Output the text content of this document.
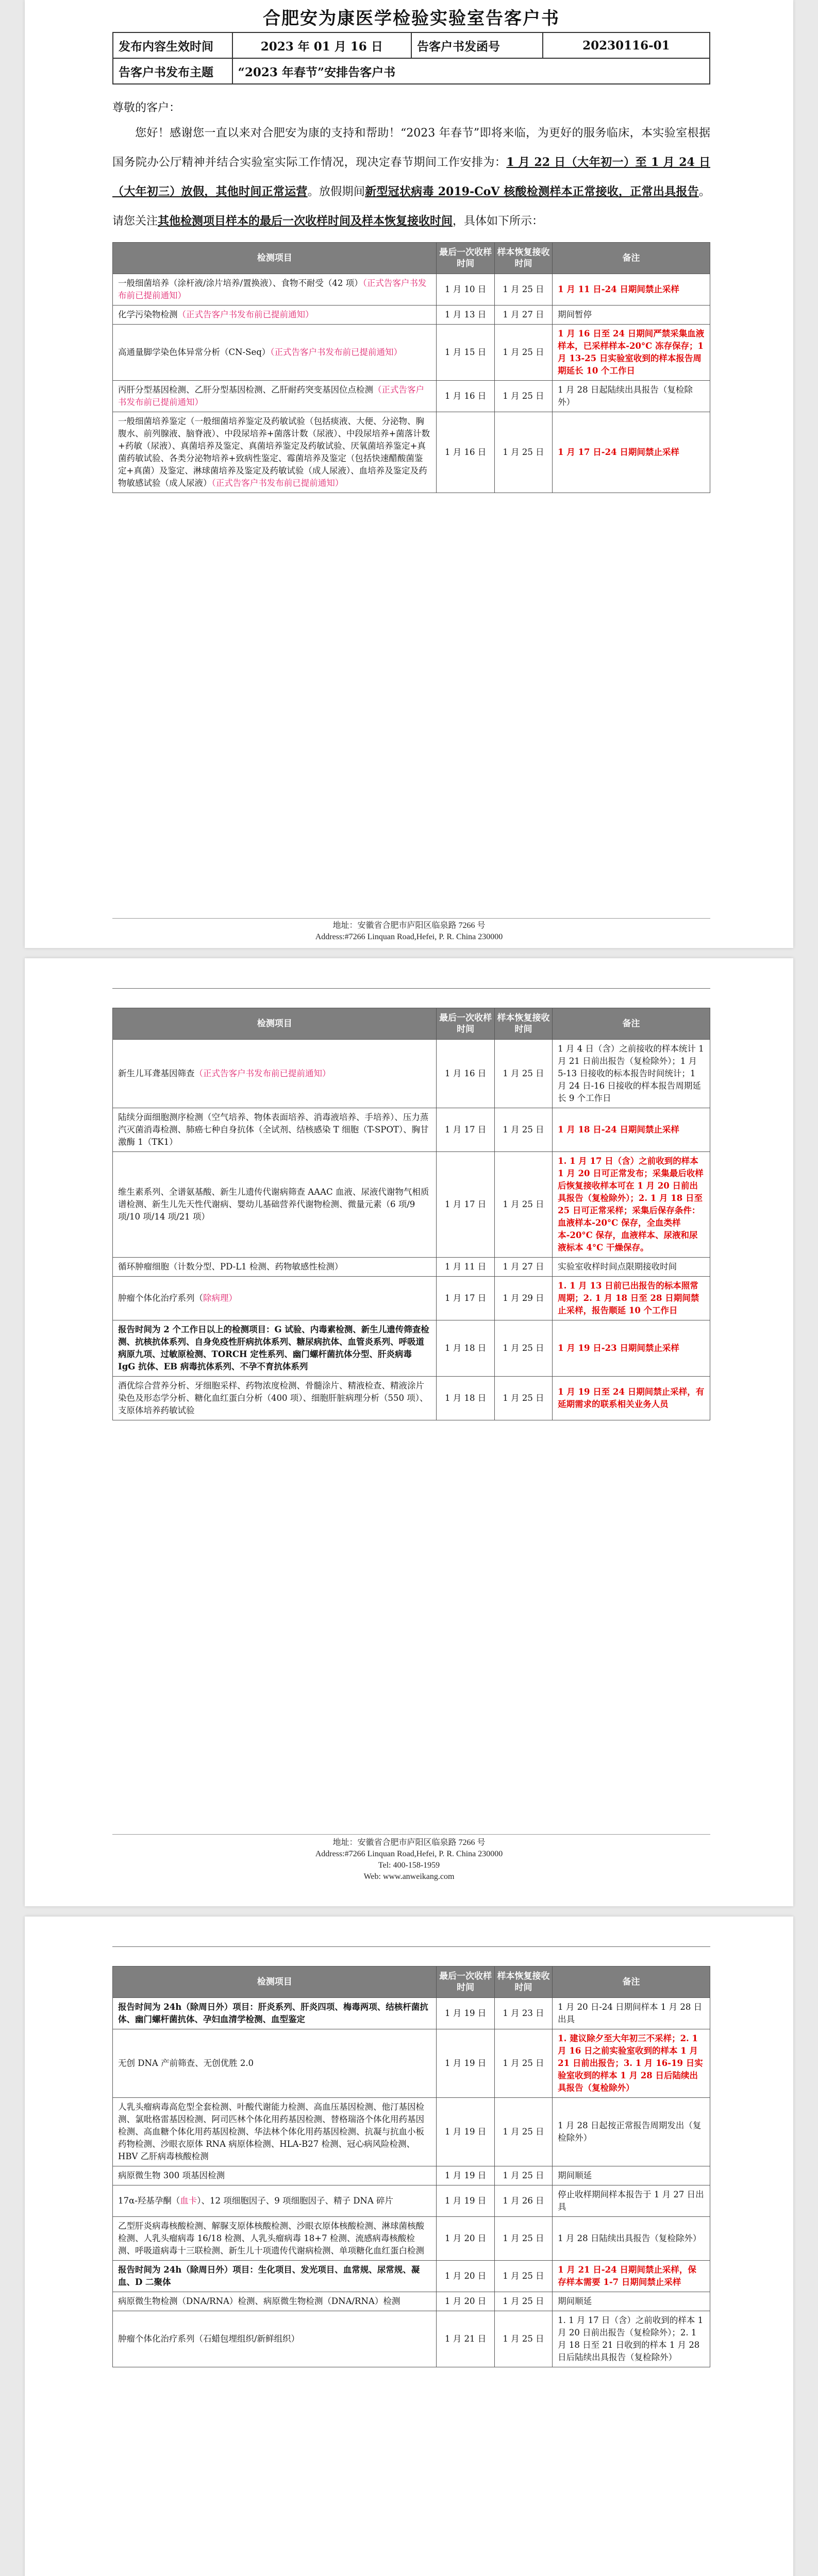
合肥安为康医学检验实验室告客户书
发布内容生效时间	2023 年 01 月 16 日	告客户书发函号	20230116-01
告客户书发布主题	“2023 年春节”安排告客户书		
尊敬的客户：
您好！感谢您一直以来对合肥安为康的支持和帮助！“2023 年春节”即将来临，为更好的服务临床，本实验室根据国务院办公厅精神并结合实验室实际工作情况，现决定春节期间工作安排为：1 月 22 日（大年初一）至 1 月 24 日（大年初三）放假，其他时间正常运营。放假期间新型冠状病毒 2019-CoV 核酸检测样本正常接收，正常出具报告。请您关注其他检测项目样本的最后一次收样时间及样本恢复接收时间，具体如下所示：
检测项目	最后一次收样时间	样本恢复接收时间	备注
一般细菌培养（涂杆液/涂片培养/置换液）、食物不耐受（42 项）（正式告客户书发布前已提前通知）	1 月 10 日	1 月 25 日	1 月 11 日-24 日期间禁止采样
化学污染物检测（正式告客户书发布前已提前通知）	1 月 13 日	1 月 27 日	期间暂停
高通量脚学染色体异常分析（CN-Seq）（正式告客户书发布前已提前通知）	1 月 15 日	1 月 25 日	1 月 16 日至 24 日期间严禁采集血液样本，已采样样本-20°C 冻存保存；1 月 13-25 日实验室收到的样本报告周期延长 10 个工作日
丙肝分型基因检测、乙肝分型基因检测、乙肝耐药突变基因位点检测（正式告客户书发布前已提前通知）	1 月 16 日	1 月 25 日	1 月 28 日起陆续出具报告（复检除外）
一般细菌培养鉴定（一般细菌培养鉴定及药敏试验（包括痰液、大便、分泌物、胸腹水、前列腺液、脑脊液）、中段尿培养+菌落计数（尿液）、中段尿培养+菌落计数+药敏（尿液）、真菌培养及鉴定、真菌培养鉴定及药敏试验、厌氧菌培养鉴定+真菌药敏试验、各类分泌物培养+致病性鉴定、霉菌培养及鉴定（包括快速醋酸菌鉴定+真菌）及鉴定、淋球菌培养及鉴定及药敏试验（成人尿液）、血培养及鉴定及药物敏感试验（成人尿液）（正式告客户书发布前已提前通知）	1 月 16 日	1 月 25 日	1 月 17 日-24 日期间禁止采样
地址：安徽省合肥市庐阳区临泉路 7266 号
Address:#7266 Linquan Road,Hefei, P. R. China 230000
检测项目	最后一次收样时间	样本恢复接收时间	备注
新生儿耳聋基因筛查（正式告客户书发布前已提前通知）	1 月 16 日	1 月 25 日	1 月 4 日（含）之前接收的样本统计 1 月 21 日前出报告（复检除外）；1 月 5-13 日接收的标本报告时间统计；1 月 24 日-16 日接收的样本报告周期延长 9 个工作日
陆续分面细胞测序检测（空气培养、物体表面培养、消毒液培养、手培养）、压力蒸汽灭菌消毒检测、肺癌七种自身抗体（全试剂、结核感染 T 细胞（T-SPOT）、胸甘激酶 1（TK1）	1 月 17 日	1 月 25 日	1 月 18 日-24 日期间禁止采样
维生素系列、全谱氨基酸、新生儿遗传代谢病筛查 AAAC 血液、尿液代谢物气相质谱检测、新生儿先天性代谢病、婴幼儿基础营养代谢物检测、微量元素（6 项/9 项/10 项/14 项/21 项）	1 月 17 日	1 月 25 日	1. 1 月 17 日（含）之前收到的样本 1 月 20 日可正常发布；采集最后收样后恢复接收样本可在 1 月 20 日前出具报告（复检除外）；2. 1 月 18 日至 25 日可正常采样；采集后保存条件：血液样本-20°C 保存，全血类样本-20°C 保存，血液样本、尿液和尿液标本 4°C 干燥保存。
循环肿瘤细胞（计数分型、PD-L1 检测、药物敏感性检测）	1 月 11 日	1 月 27 日	实验室收样时间点限期接收时间
肿瘤个体化治疗系列（除病理）	1 月 17 日	1 月 29 日	1. 1 月 13 日前已出报告的标本照常周期；2. 1 月 18 日至 28 日期间禁止采样，报告顺延 10 个工作日
报告时间为 2 个工作日以上的检测项目：G 试验、内毒素检测、新生儿遗传筛查检测、抗核抗体系列、自身免疫性肝病抗体系列、糖尿病抗体、血管炎系列、呼吸道病原九项、过敏原检测、TORCH 定性系列、幽门螺杆菌抗体分型、肝炎病毒 IgG 抗体、EB 病毒抗体系列、不孕不育抗体系列	1 月 18 日	1 月 25 日	1 月 19 日-23 日期间禁止采样
酒优综合营养分析、牙细胞采样、药物浓度检测、骨髓涂片、精液检查、精液涂片染色及形态学分析、糖化血红蛋白分析（400 项）、细胞肝脏病理分析（550 项）、支原体培养药敏试验	1 月 18 日	1 月 25 日	1 月 19 日至 24 日期间禁止采样，有延期需求的联系相关业务人员
地址：安徽省合肥市庐阳区临泉路 7266 号
Address:#7266 Linquan Road,Hefei, P. R. China 230000
Tel: 400-158-1959
Web: www.anweikang.com
检测项目	最后一次收样时间	样本恢复接收时间	备注
报告时间为 24h（除周日外）项目：肝炎系列、肝炎四项、梅毒两项、结核杆菌抗体、幽门螺杆菌抗体、孕妇血清学检测、血型鉴定	1 月 19 日	1 月 23 日	1 月 20 日-24 日期间样本 1 月 28 日出具
无创 DNA 产前筛查、无创优胜 2.0	1 月 19 日	1 月 25 日	1. 建议除夕至大年初三不采样；2. 1 月 16 日之前实验室收到的样本 1 月 21 日前出报告；3. 1 月 16-19 日实验室收到的样本 1 月 28 日后陆续出具报告（复检除外）
人乳头瘤病毒高危型全套检测、叶酸代谢能力检测、高血压基因检测、他汀基因检测、氯吡格雷基因检测、阿司匹林个体化用药基因检测、替格瑞洛个体化用药基因检测、高血糖个体化用药基因检测、华法林个体化用药基因检测、抗凝与抗血小板药物检测、沙眼衣原体 RNA 病原体检测、HLA-B27 检测、冠心病风险检测、HBV 乙肝病毒核酸检测	1 月 19 日	1 月 25 日	1 月 28 日起按正常报告周期发出（复检除外）
病原微生物 300 项基因检测	1 月 19 日	1 月 25 日	期间顺延
17α-羟基孕酮（血卡）、12 项细胞因子、9 项细胞因子、精子 DNA 碎片	1 月 19 日	1 月 26 日	停止收样期间样本报告于 1 月 27 日出具
乙型肝炎病毒核酸检测、解脲支原体核酸检测、沙眼衣原体核酸检测、淋球菌核酸检测、人乳头瘤病毒 16/18 检测、人乳头瘤病毒 18+7 检测、流感病毒核酸检测、呼吸道病毒十三联检测、新生儿十项遗传代谢病检测、单项糖化血红蛋白检测	1 月 20 日	1 月 25 日	1 月 28 日陆续出具报告（复检除外）
报告时间为 24h（除周日外）项目：生化项目、发光项目、血常规、尿常规、凝血、D 二聚体	1 月 20 日	1 月 25 日	1 月 21 日-24 日期间禁止采样，保存样本需要 1-7 日期间禁止采样
病原微生物检测（DNA/RNA）检测、病原微生物检测（DNA/RNA）检测	1 月 20 日	1 月 25 日	期间顺延
肿瘤个体化治疗系列（石蜡包埋组织/新鲜组织）	1 月 21 日	1 月 25 日	1. 1 月 17 日（含）之前收到的样本 1 月 20 日前出报告（复检除外）；2. 1 月 18 日至 21 日收到的样本 1 月 28 日后陆续出具报告（复检除外）
